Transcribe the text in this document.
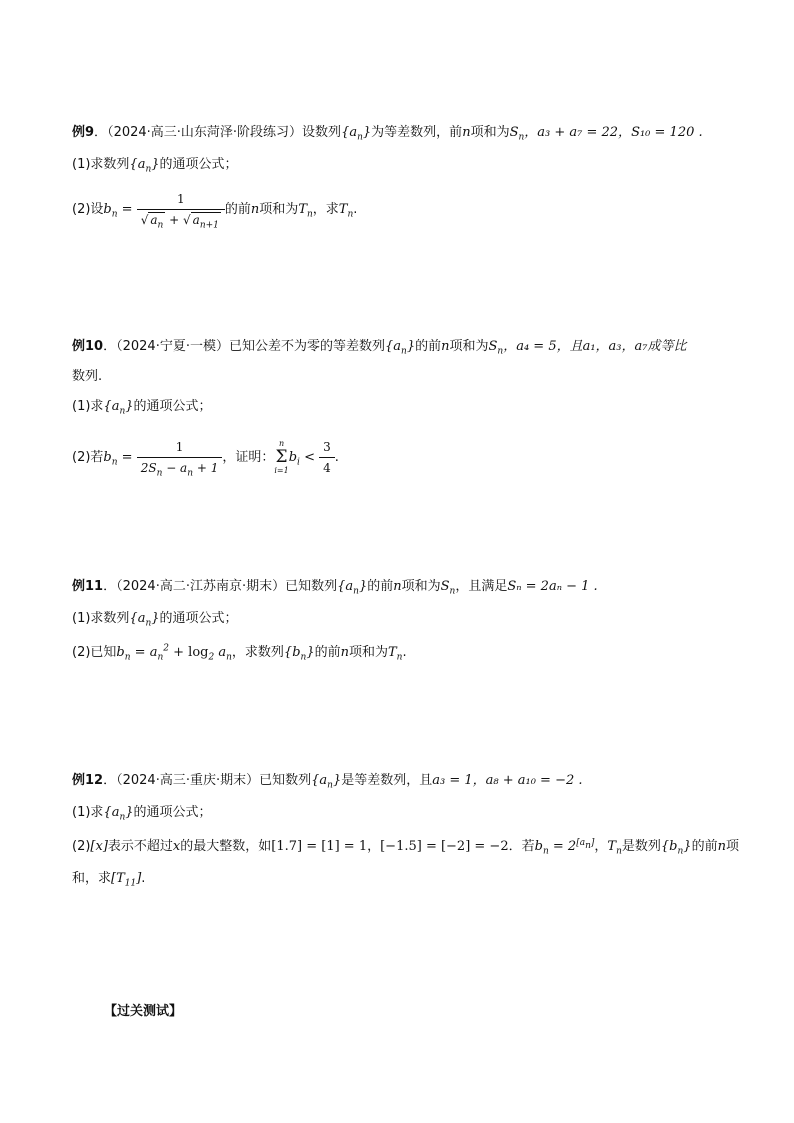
例9．（2024·高三·山东菏泽·阶段练习）设数列$\{a_n\}$为等差数列，前n项和为$S_n$，a₃ + a₇ = 22，S₁₀ = 120 .
(1)求数列$\{a_n\}$的通项公式；
(2)设$b_n = \frac{1}{√ a_n + √ a_{n+1}}$ 的前n项和为$T_n$，求$T_n$.
例10．（2024·宁夏·一模）已知公差不为零的等差数列$\{a_n\}$的前n项和为$S_n$，a₄ = 5，且a₁，a₃，a₇成等比
数列.
(1)求$\{a_n\}$的通项公式；
(2)若$b_n = \frac{1}{2S_n - a_n + 1}$ ，证明：
n
Σ
i=1
$b_i < \frac{3}{4}$ .
例11．（2024·高二·江苏南京·期末）已知数列$\{a_n\}$的前n项和为$S_n$，且满足Sₙ = 2aₙ − 1 .
(1)求数列$\{a_n\}$的通项公式；
(2)已知$b_n = a_n^2 + \log_2 a_n$，求数列$\{b_n\}$的前n项和为$T_n$.
例12．（2024·高三·重庆·期末）已知数列$\{a_n\}$是等差数列，且a₃ = 1，a₈ + a₁₀ = −2 .
(1)求$\{a_n\}$的通项公式；
(2)[x]表示不超过x的最大整数，如[1.7] = [1] = 1，[−1.5] = [−2] = −2．若$b_n = 2[an]$，$T_n$是数列$\{b_n\}$的前n项
和，求$[T_{11}]$.
【过关测试】
